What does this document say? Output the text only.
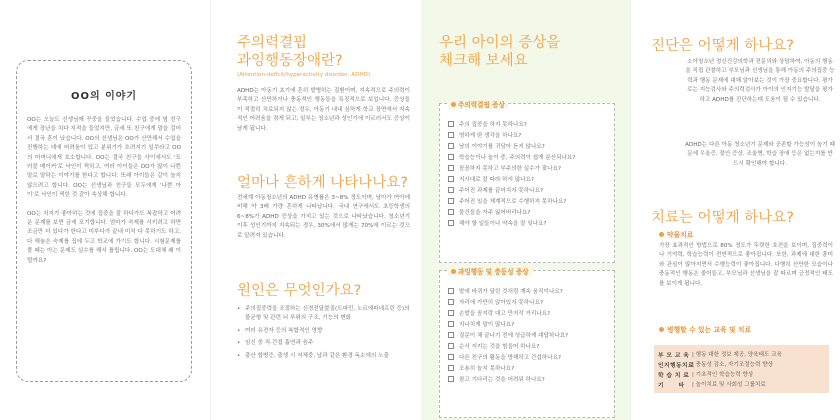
OO의 이야기

OO는 오늘도 선생님께 꾸중을 들었습니다. 수업 중에 옆 친구에게 장난을 치다 지적을 들었지만, 금세 또 친구에게 말을 걸어서 결국 혼이 났습니다. OO의 선생님은 OO가 산만해서 수업을 진행하는 데에 어려움이 있고 분위기가 흐려지기 일쑤라고 OO의 어머니에게 호소합니다. OO는 결국 친구들 사이에서도 '트러블 메이커'로 낙인이 찍히고, 여러 아이들은 OO가 많이 나쁜 말로 말하는 이야기를 한다고 합니다. 또래 아이들은 같이 놀지 않으려고 합니다. OO는 선생님과 친구들 모두에게 '나쁜 아이'로 낙인이 찍힌 것 같아 속상해 합니다.

OO는 처지가 좋아하는 것에 집중을 잘 하다가도 복잡하고 어려운 문제를 보면 금세 포기합니다. 엄마가 숙제를 시키려고 하면 조금만 더 있다가 한다고 미루다가 끝내 미처 다 못하기도 하고, 다 해놓은 숙제를 집에 두고 학교에 가기도 합니다. 시험문제를 풀 때는 아는 문제도 실수를 해서 틀립니다. OO는 도대체 왜 이럴까요?

주의력결핍
과잉행동장애란?
(Attention-deficit/hyperactivity disorder, ADHD)

ADHD는 아동기 초기에 흔히 발병하는 질환이며, 지속적으로 주의력이 부족하고 산만하거나 충동적인 행동들을 특징적으로 보입니다. 증상들이 적절히 치료되지 않는 경우, 아동기 내내 심하게 학교 장면에서 지속적인 어려움을 겪게 되고, 일부는 청소년과 성인기에 이르러서도 증상이 남게 됩니다.

얼마나 흔하게 나타나나요?

전세계 아동청소년의 ADHD 유병률은 3~8% 정도이며, 남아가 여아에 비해 약 3배 가량 흔하게 나타납니다. 국내 연구에서도 초등학생의 6~8%가 ADHD 증상을 가지고 있는 것으로 나타났습니다. 청소년기 이후 성인기까지 지속되는 경우, 30%에서 많게는 70%에 이르는 것으로 알려져 있습니다.

원인은 무엇인가요?
• 주의집중력을 조절하는 신경전달물질(도파민, 노르에피네프린 등)의 불균형 및 관련 뇌 부위의 구조, 기능의 변화
• 여러 유전자 등의 복합적인 영향
• 임신 중 직·간접 흡연과 음주
• 출산 합병증, 출생 시 저체중, 납과 같은 환경 독소에의 노출
우리 아이의 증상을
체크해 보세요
주의력결핍 증상
주의 집중을 하지 못하나요?
명하게 딴 생각을 하나요?
남의 이야기를 귀담아 듣지 않나요?
학습능이나 놀이 중, 주의력이 쉽게 분산되나요?
꼼꼼하지 못하고 부주의한 실수가 잦나요?
지시대로 잘 따라 하지 않나요?
주어진 과제를 끝마치지 못하나요?
주어진 일을 체계적으로 수행하지 못하나요?
물건들을 자주 잃어버리나요?
해야 할 일들이나 약속을 잘 잊나요?
과잉행동 및 충동성 증상
발에 바퀴가 달린 것처럼 계속 움직이나요?
자리에 가만히 앉아있지 못하나요?
손발을 꼼지락 대고 만지작 거리나요?
지나치게 말이 많나요?
질문이 채 끝나기 전에 성급하게 대답하나요?
순서 지키는 것을 힘들어 하나요?
다른 친구의 활동을 방해하고 간섭하나요?
조용히 놀지 못하나요?
참고 기다리는 것을 어려워 하나요?
진단은 어떻게 하나요?

소아청소년 정신건강의학과 전문의와 상담하여, 아동의 행동을 직접 관찰하고 부모님과 선생님을 통해 아동의 주의집중 능력과 행동 문제에 대해 알아보는 것이 가장 중요합니다. 평가로는 지능검사와 주의력검사가 아이의 인지기능 발달을 평가하고 ADHD를 진단하는데 도움이 될 수 있습니다.

ADHD는 다른 아동 청소년기 문제와 공존할 가능성이 높기 때문에 우울증, 불안 증상, 조울병, 학습 장애 등은 없는지를 반드시 확인해야 합니다.

치료는 어떻게 하나요?
약물치료

가장 효과적인 방법으로 80% 정도가 뚜렷한 호전을 보이며, 집중력이나 기억력, 학습능력이 전반적으로 좋아집니다. 또한, 과제에 대한 흥미와 관심이 많아지면서 수행능력이 좋아집니다. 다행히 산만한 모습이나 충동적인 행동은 줄어들고, 부모님과 선생님을 잘 따르며 긍정적인 태도를 보이게 됩니다.

병행할 수 있는 교육 및 치료
부 모 교 육 | 행동 대한 정보 제공, 양육태도 교육
인지행동치료
| 충동성 감소, 자기조절능력 향상
학 습 치 료 | 기초적인 학습능력 향상
기      타	| 놀이치료 및 사회성 그룹치료
